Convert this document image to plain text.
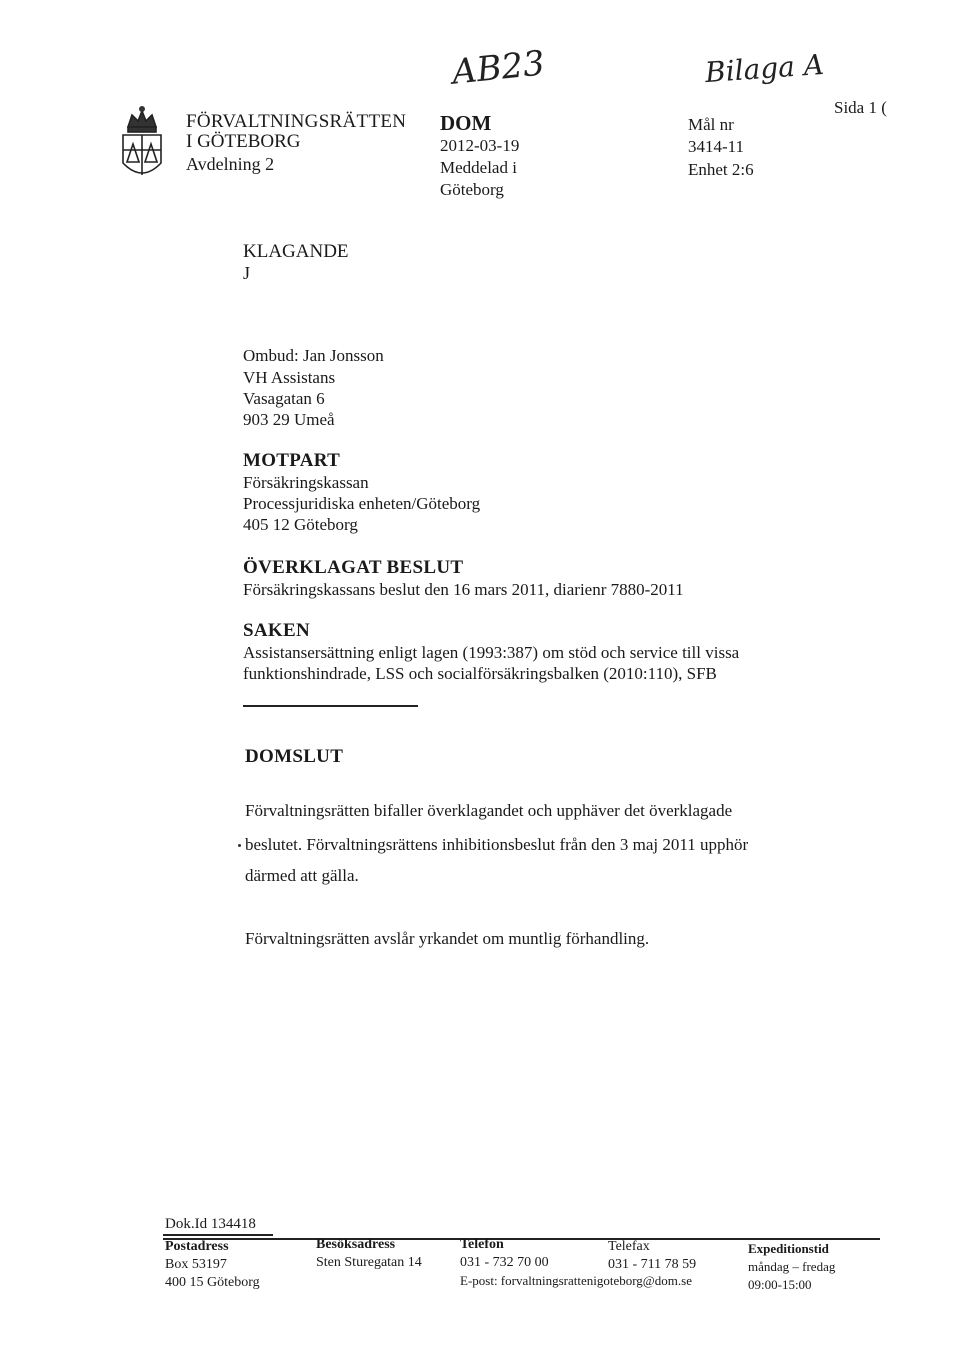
AB23	Bilaga A
FÖRVALTNINGSRÄTTEN
I GÖTEBORG
Avdelning 2
DOM
2012-03-19
Meddelad i
Göteborg
Mål nr
3414-11
Enhet 2:6
Sida 1 (
KLAGANDE
J
Ombud: Jan Jonsson
VH Assistans
Vasagatan 6
903 29 Umeå
MOTPART
Försäkringskassan
Processjuridiska enheten/Göteborg
405 12 Göteborg
ÖVERKLAGAT BESLUT
Försäkringskassans beslut den 16 mars 2011, diarienr 7880-2011
SAKEN
Assistansersättning enligt lagen (1993:387) om stöd och service till vissa
funktionshindrade, LSS och socialförsäkringsbalken (2010:110), SFB
DOMSLUT
Förvaltningsrätten bifaller överklagandet och upphäver det överklagade
beslutet. Förvaltningsrättens inhibitionsbeslut från den 3 maj 2011 upphör
därmed att gälla.
Förvaltningsrätten avslår yrkandet om muntlig förhandling.
Dok.Id 134418
Postadress
Box 53197
400 15 Göteborg
Besöksadress
Sten Sturegatan 14
Telefon
031 - 732 70 00
E-post: forvaltningsrattenigoteborg@dom.se
Telefax
031 - 711 78 59
Expeditionstid
måndag – fredag
09:00-15:00
